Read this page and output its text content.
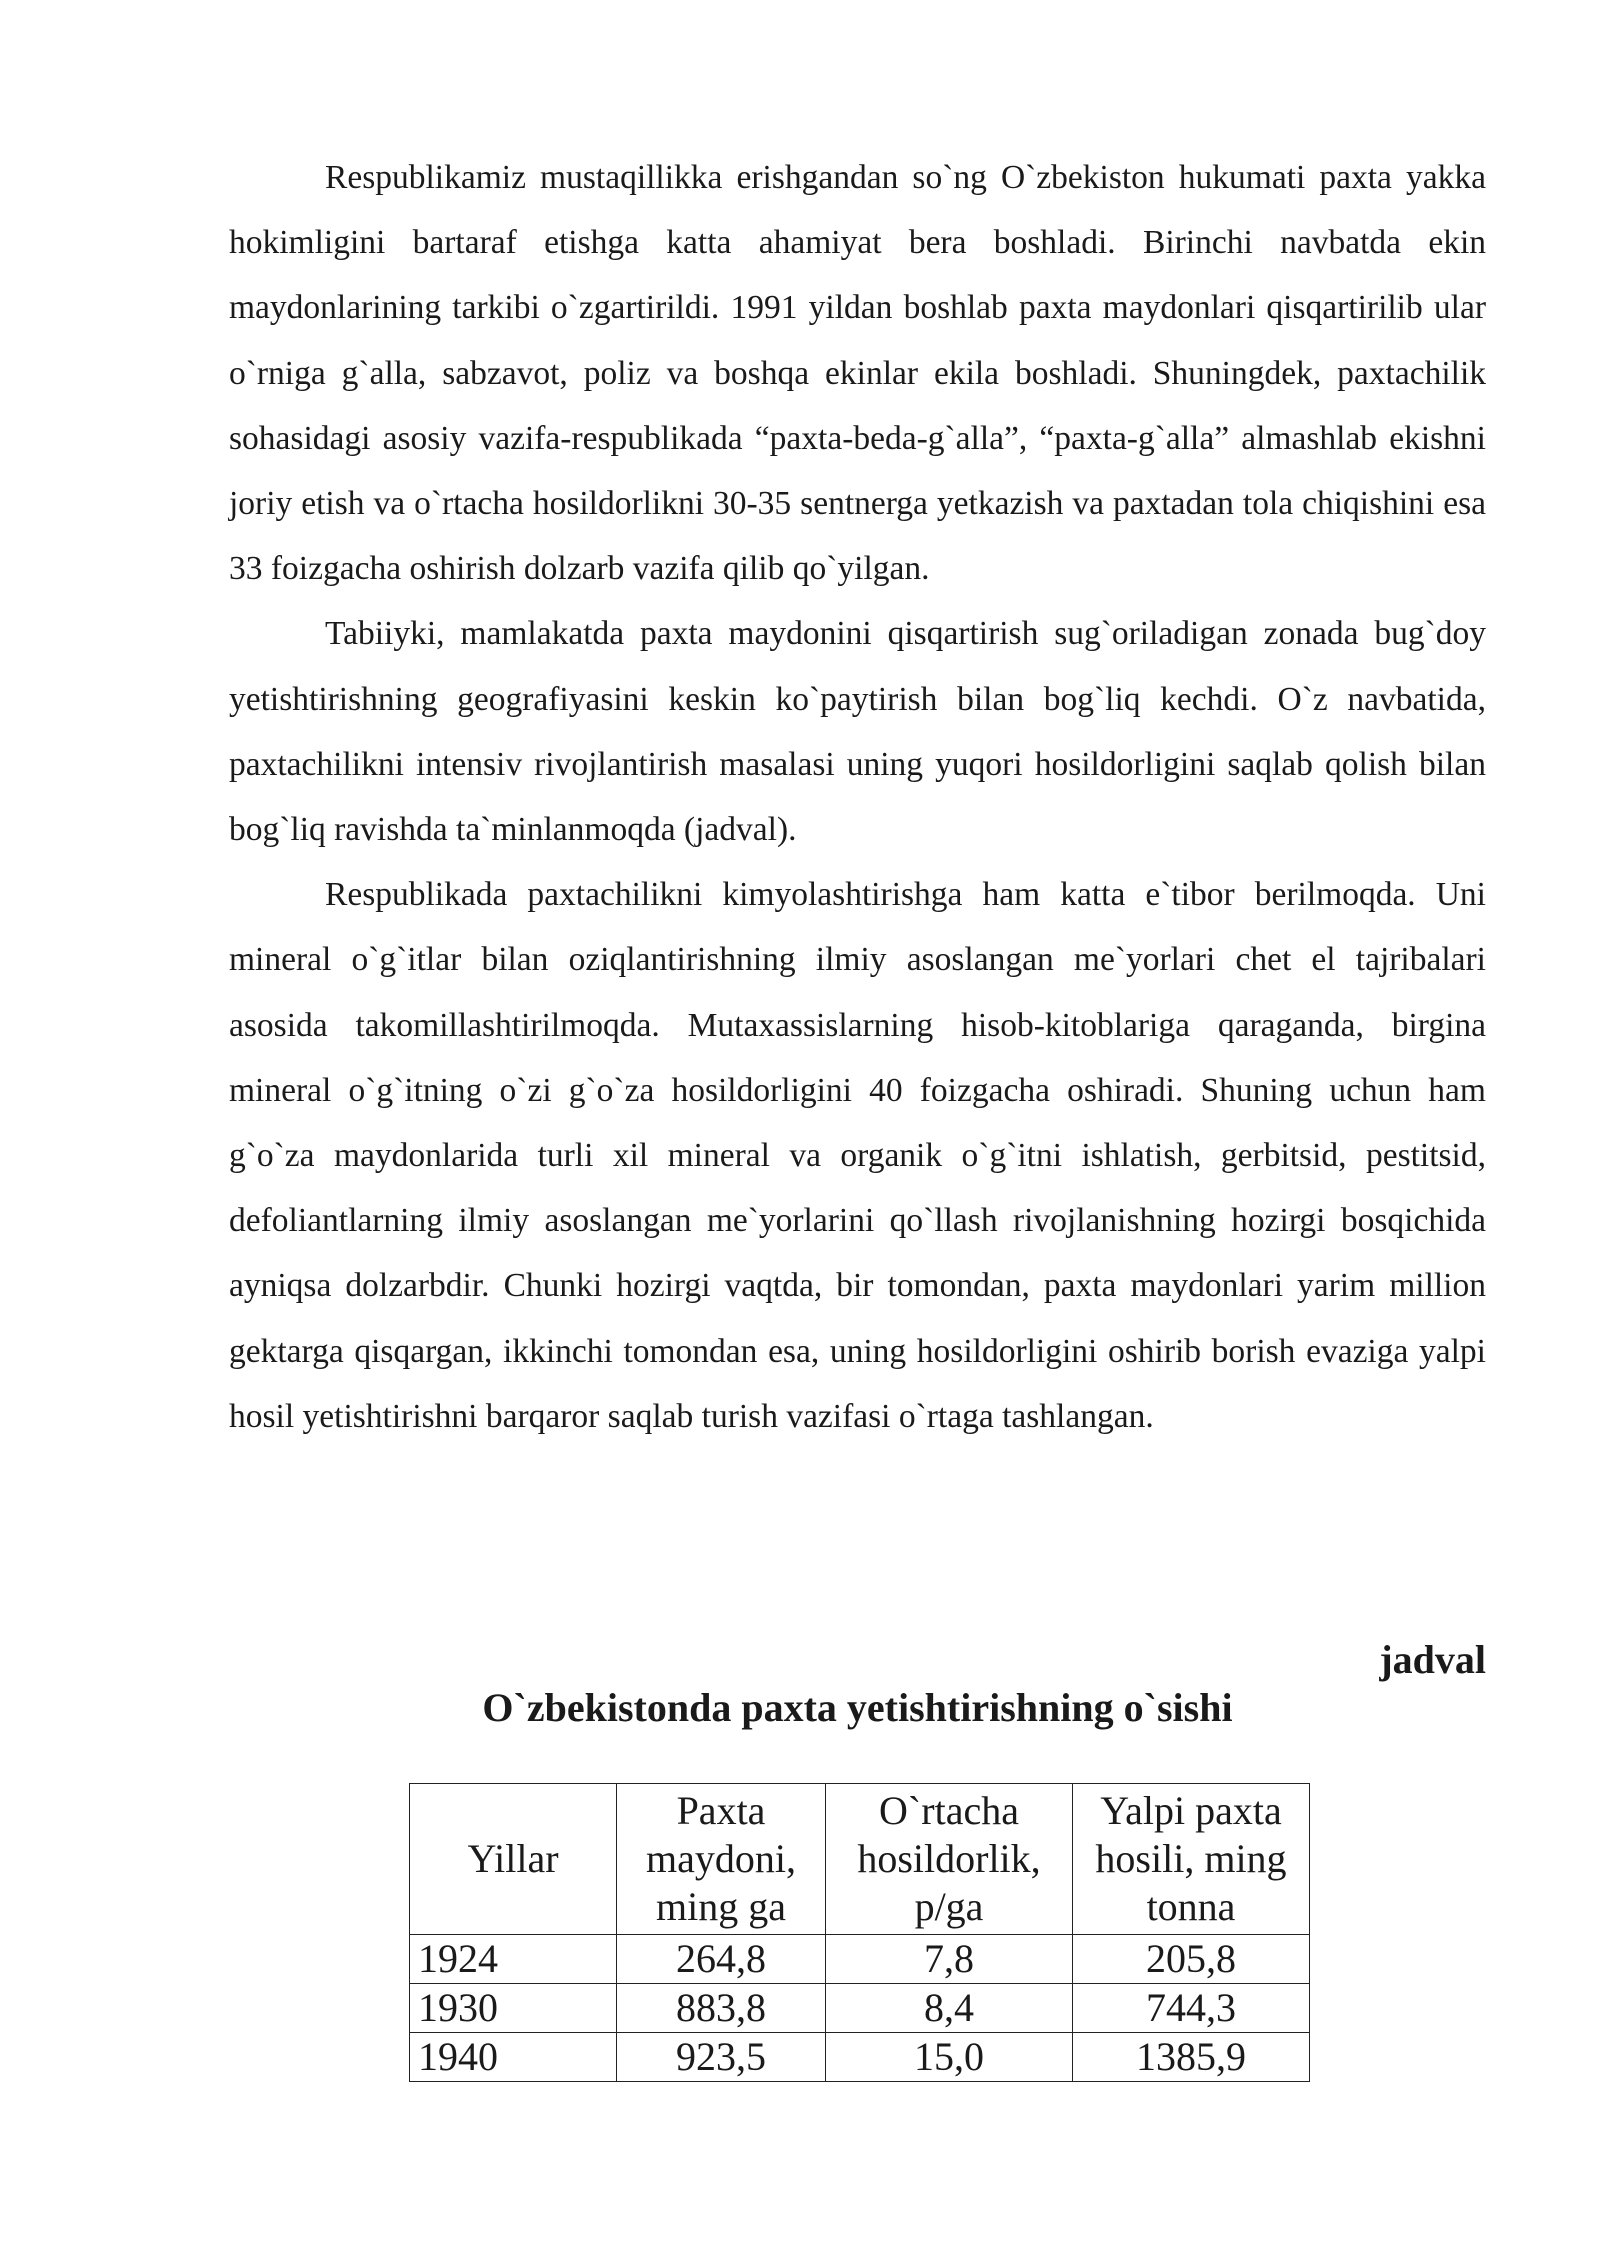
Respublikamiz mustaqillikka erishgandan so`ng O`zbekiston hukumati paxta yakka hokimligini bartaraf etishga katta ahamiyat bera boshladi. Birinchi navbatda ekin maydonlarining tarkibi o`zgartirildi. 1991 yildan boshlab paxta maydonlari qisqartirilib ular o`rniga g`alla, sabzavot, poliz va boshqa ekinlar ekila boshladi. Shuningdek, paxtachilik sohasidagi asosiy vazifa-respublikada “paxta-beda-g`alla”, “paxta-g`alla” almashlab ekishni joriy etish va o`rtacha hosildorlikni 30-35 sentnerga yetkazish va paxtadan tola chiqishini esa 33 foizgacha oshirish dolzarb vazifa qilib qo`yilgan.

Tabiiyki, mamlakatda paxta maydonini qisqartirish sug`oriladigan zonada bug`doy yetishtirishning geografiyasini keskin ko`paytirish bilan bog`liq kechdi. O`z navbatida, paxtachilikni intensiv rivojlantirish masalasi uning yuqori hosildorligini saqlab qolish bilan bog`liq ravishda ta`minlanmoqda (jadval).

Respublikada paxtachilikni kimyolashtirishga ham katta e`tibor berilmoqda. Uni mineral o`g`itlar bilan oziqlantirishning ilmiy asoslangan me`yorlari chet el tajribalari asosida takomillashtirilmoqda. Mutaxassislarning hisob-kitoblariga qaraganda, birgina mineral o`g`itning o`zi g`o`za hosildorligini 40 foizgacha oshiradi. Shuning uchun ham g`o`za maydonlarida turli xil mineral va organik o`g`itni ishlatish, gerbitsid, pestitsid, defoliantlarning ilmiy asoslangan me`yorlarini qo`llash rivojlanishning hozirgi bosqichida ayniqsa dolzarbdir. Chunki hozirgi vaqtda, bir tomondan, paxta maydonlari yarim million gektarga qisqargan, ikkinchi tomondan esa, uning hosildorligini oshirib borish evaziga yalpi hosil yetishtirishni barqaror saqlab turish vazifasi o`rtaga tashlangan.

jadval
O`zbekistonda paxta yetishtirishning o`sishi
Yillar	Paxta maydoni, ming ga	O`rtacha hosildorlik, p/ga	Yalpi paxta hosili, ming tonna
1924	264,8	7,8	205,8
1930	883,8	8,4	744,3
1940	923,5	15,0	1385,9
